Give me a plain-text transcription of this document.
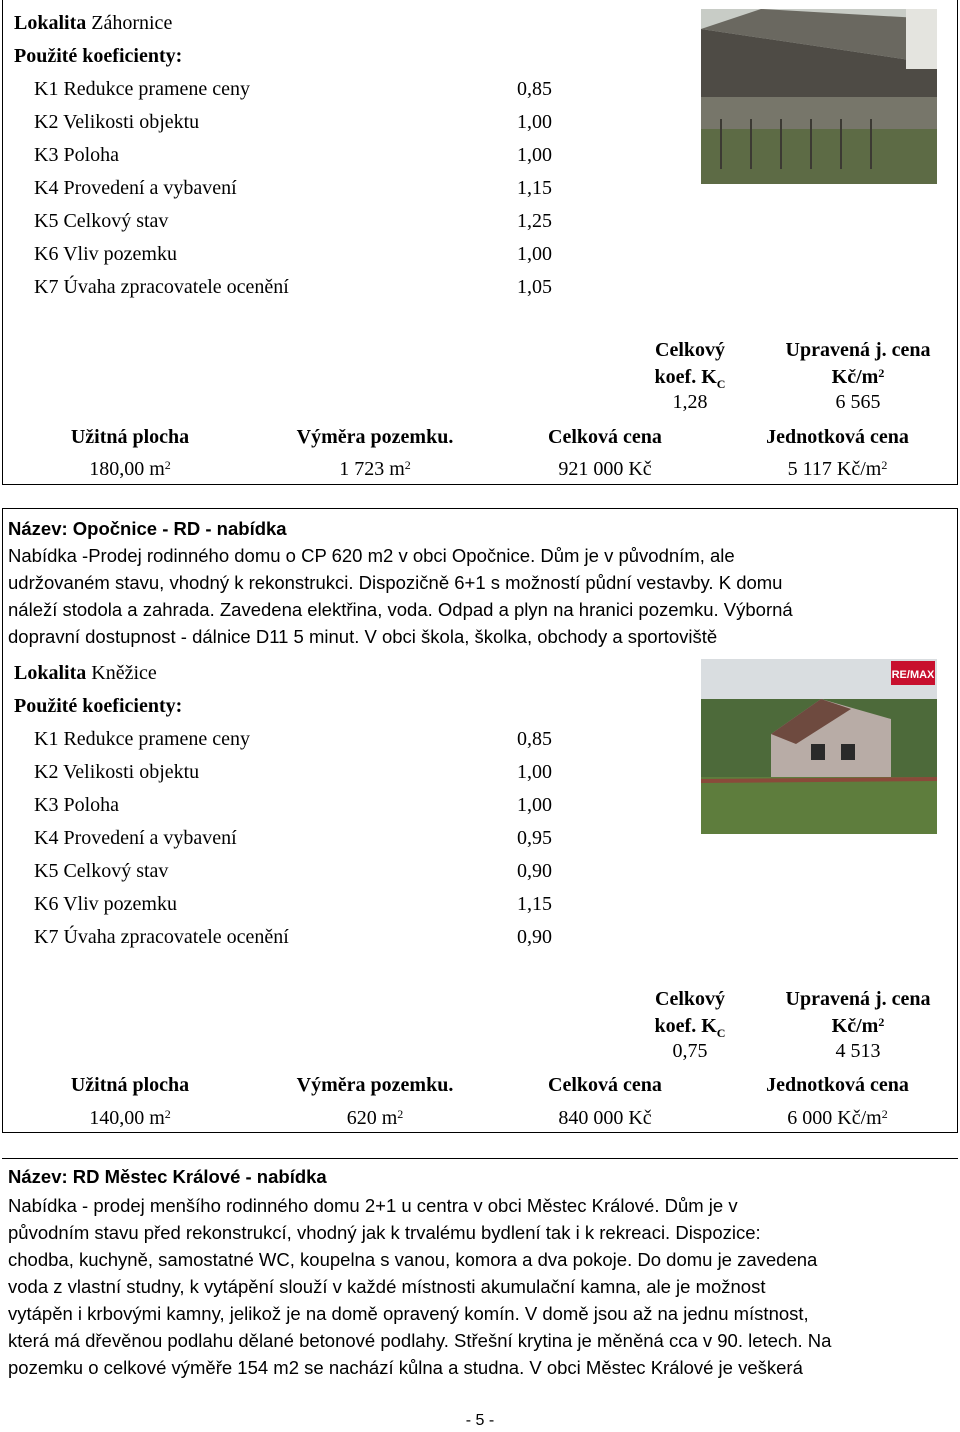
Lokalita Záhornice
Použité koeficienty:
K1 Redukce pramene ceny	0,85
K2 Velikosti objektu	1,00
K3 Poloha	1,00
K4 Provedení a vybavení	1,15
K5 Celkový stav	1,25
K6 Vliv pozemku	1,00
K7 Úvaha zpracovatele ocenění	1,05
Celkový
koef. $K_C$
1,28
Upravená j. cena
$Kč/m^2$
6 565
Užitná plocha	Výměra pozemku.	Celková cena	Jednotková cena
180,00 $m^2$	1 723 $m^2$	921 000 Kč	5 117 $Kč/m^2$
Název: Opočnice - RD - nabídka
Nabídka -Prodej rodinného domu o CP 620 m2 v obci Opočnice. Dům je v původním, ale
udržovaném stavu, vhodný k rekonstrukci. Dispozičně 6+1 s možností půdní vestavby. K domu
náleží stodola a zahrada. Zavedena elektřina, voda. Odpad a plyn na hranici pozemku. Výborná
dopravní dostupnost - dálnice D11 5 minut. V obci škola, školka, obchody a sportoviště
Lokalita Kněžice
Použité koeficienty:
K1 Redukce pramene ceny	0,85
K2 Velikosti objektu	1,00
K3 Poloha	1,00
K4 Provedení a vybavení	0,95
K5 Celkový stav	0,90
K6 Vliv pozemku	1,15
K7 Úvaha zpracovatele ocenění	0,90
RE/MAX
Celkový
koef. $K_C$
0,75
Upravená j. cena
$Kč/m^2$
4 513
Užitná plocha	Výměra pozemku.	Celková cena	Jednotková cena
140,00 $m^2$	620 $m^2$	840 000 Kč	6 000 $Kč/m^2$
Název: RD Městec Králové - nabídka
Nabídka - prodej menšího rodinného domu 2+1 u centra v obci Městec Králové. Dům je v
původním stavu před rekonstrukcí, vhodný jak k trvalému bydlení tak i k rekreaci. Dispozice:
chodba, kuchyně, samostatné WC, koupelna s vanou, komora a dva pokoje. Do domu je zavedena
voda z vlastní studny, k vytápění slouží v každé místnosti akumulační kamna, ale je možnost
vytápěn i krbovými kamny, jelikož je na domě opravený komín. V domě jsou až na jednu místnost,
která má dřevěnou podlahu dělané betonové podlahy. Střešní krytina je měněná cca v 90. letech. Na
pozemku o celkové výměře 154 m2 se nachází kůlna a studna. V obci Městec Králové je veškerá
- 5 -
